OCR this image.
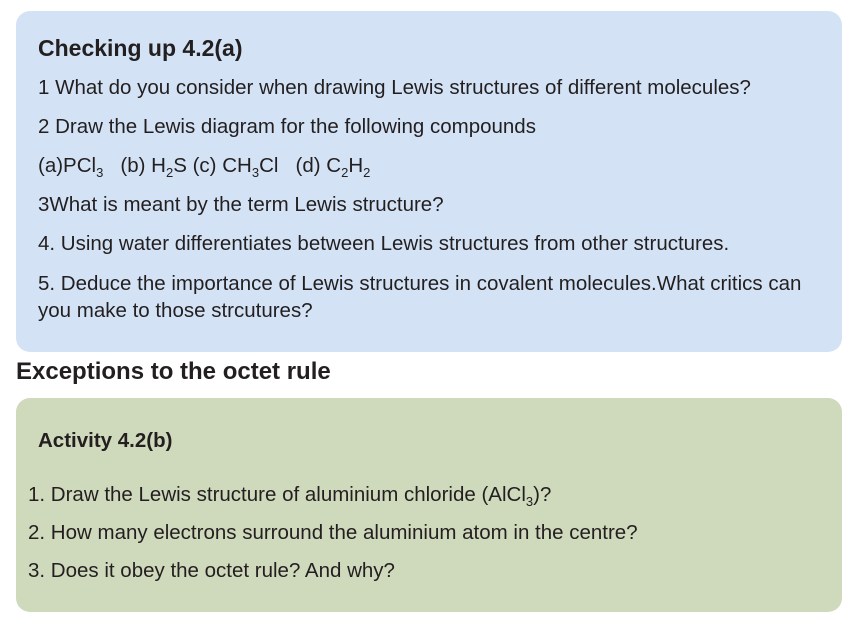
Checking up 4.2(a)
1 What do you consider when drawing Lewis structures of different molecules?
2 Draw the Lewis diagram for the following compounds
(a)PCl$_3$ (b) $H_2S$ (c) $CH_3Cl$ (d) $C_2H_2$
3What is meant by the term Lewis structure?
4. Using water differentiates between Lewis structures from other structures.
5. Deduce the importance of Lewis structures in covalent molecules.What critics can you make to those strcutures?
Exceptions to the octet rule
Activity 4.2(b)
1. Draw the Lewis structure of aluminium chloride (AlCl$_3$)?
2. How many electrons surround the aluminium atom in the centre?
3. Does it obey the octet rule? And why?
